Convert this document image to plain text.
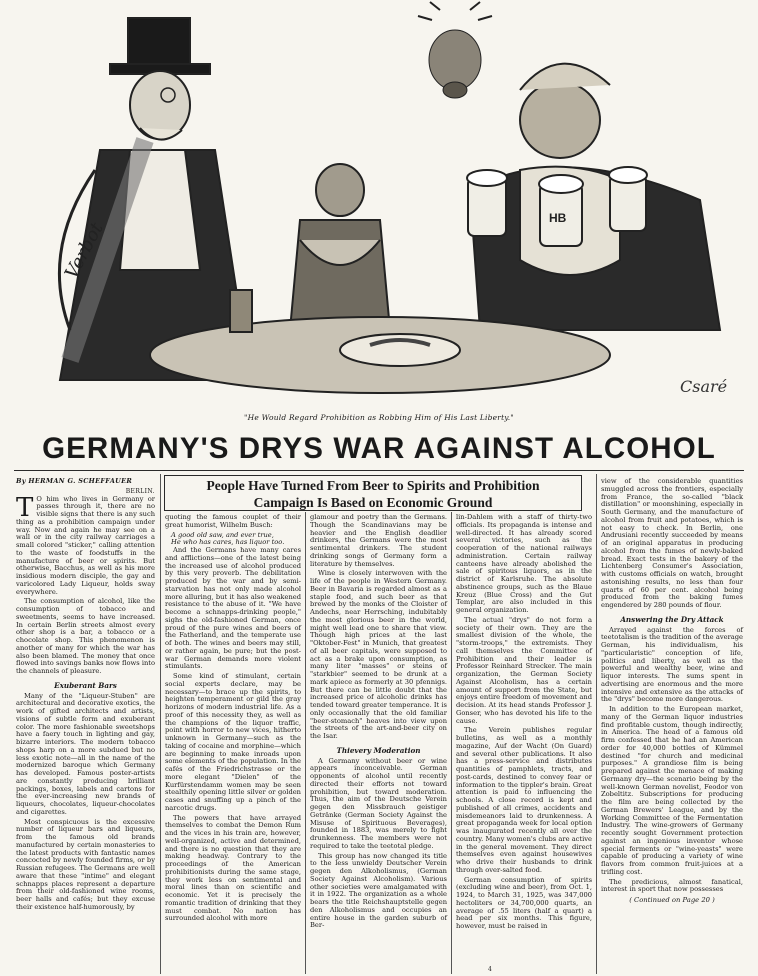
Verbot
HB
Csaré
"He Would Regard Prohibition as Robbing Him of His Last Liberty."
GERMANY'S DRYS WAR AGAINST ALCOHOL
People Have Turned From Beer to Spirits and Prohibition
Campaign Is Based on Economic Ground
By HERMAN G. SCHEFFAUER
BERLIN.

T O him who lives in Germany or passes through it, there are no visible signs that there is any such thing as a prohibition campaign under way. Now and again he may see on a wall or in the city railway carriages a small colored "sticker," calling attention to the waste of foodstuffs in the manufacture of beer or spirits. But otherwise, Bacchus, as well as his more insidious modern disciple, the gay and varicolored Lady Liqueur, holds sway everywhere.

The consumption of alcohol, like the consumption of tobacco and sweetments, seems to have increased. In certain Berlin streets almost every other shop is a bar, a tobacco or a chocolate shop. This phenomenon is another of many for which the war has also been blamed. The money that once flowed into savings banks now flows into the channels of pleasure.

Exuberant Bars

Many of the "Liqueur-Stuben" are architectural and decorative exotics, the work of gifted architects and artists, visions of subtle form and exuberant color. The more fashionable sweetshops have a faery touch in lighting and gay, bizarre interiors. The modern tobacco shops harp on a more subdued but no less exotic note—all in the name of the modernized baroque which Germany has developed. Famous poster-artists are constantly producing brilliant packings, boxes, labels and cartons for the ever-increasing new brands of liqueurs, chocolates, liqueur-chocolates and cigarettes.

Most conspicuous is the excessive number of liqueur bars and liqueurs, from the famous old brands manufactured by certain monasteries to the latest products with fantastic names concocted by newly founded firms, or by Russian refugees. The Germans are well aware that these "intime" and elegant schnapps places represent a departure from their old-fashioned wine rooms, beer halls and cafés; but they excuse their existence half-humorously, by

quoting the famous couplet of their great humorist, Wilhelm Busch:

A good old saw, and ever true,

He who has cares, has liquor too.

And the Germans have many cares and afflictions—one of the latest being the increased use of alcohol produced by this very proverb. The debilitation produced by the war and by semi-starvation has not only made alcohol more alluring, but it has also weakened resistance to the abuse of it. "We have become a schnapps-drinking people," sighs the old-fashioned German, once proud of the pure wines and beers of the Fatherland, and the temperate use of both. The wines and beers may still, or rather again, be pure; but the post-war German demands more violent stimulants.

Some kind of stimulant, certain social experts declare, may be necessary—to brace up the spirits, to heighten temperament or gild the gray horizons of modern industrial life. As a proof of this necessity they, as well as the champions of the liquor traffic, point with horror to new vices, hitherto unknown in Germany—such as the taking of cocaine and morphine—which are beginning to make inroads upon some elements of the population. In the cafés of the Friedrichstrasse or the more elegant "Dielen" of the Kurfürstendamm women may be seen stealthily opening little silver or golden cases and snuffing up a pinch of the narcotic drugs.

The powers that have arrayed themselves to combat the Demon Rum and the vices in his train are, however, well-organized, active and determined, and there is no question that they are making headway. Contrary to the proceedings of the American prohibitionists during the same stage, they work less on sentimental and moral lines than on scientific and economic. Yet it is precisely the romantic tradition of drinking that they must combat. No nation has surrounded alcohol with more

glamour and poetry than the Germans. Though the Scandinavians may be heavier and the English deadlier drinkers, the Germans were the most sentimental drinkers. The student drinking songs of Germany form a literature by themselves.

Wine is closely interwoven with the life of the people in Western Germany. Beer in Bavaria is regarded almost as a staple food, and such beer as that brewed by the monks of the Cloister of Andechs, near Herrsching, indubitably the most glorious beer in the world, might well lead one to share that view. Though high prices at the last "Oktober-Fest" in Munich, that greatest of all beer capitals, were supposed to act as a brake upon consumption, as many liter "masses" or steins of "starkbier" seemed to be drunk at a mark apiece as formerly at 30 pfennigs. But there can be little doubt that the increased price of alcoholic drinks has tended toward greater temperance. It is only occasionally that the old familiar "beer-stomach" heaves into view upon the streets of the art-and-beer city on the Isar.

Thievery Moderation

A Germany without beer or wine appears inconceivable. German opponents of alcohol until recently directed their efforts not toward prohibition, but toward moderation. Thus, the aim of the Deutsche Verein gegen den Missbrauch geistiger Getränke (German Society Against the Misuse of Spirituous Beverages), founded in 1883, was merely to fight drunkenness. The members were not required to take the teetotal pledge.

This group has now changed its title to the less unwieldy Deutscher Verein gegen den Alkoholismus, (German Society Against Alcoholism). Various other societies were amalgamated with it in 1922. The organization as a whole bears the title Reichshauptstelle gegen den Alkoholismus and occupies an entire house in the garden suburb of Ber-

lin-Dahlem with a staff of thirty-two officials. Its propaganda is intense and well-directed. It has already scored several victories, such as the cooperation of the national railways administration. Certain railway canteens have already abolished the sale of spiritous liquors, as in the district of Karlsruhe. The absolute abstinence groups, such as the Blaue Kreuz (Blue Cross) and the Gut Templar, are also included in this general organization.

The actual "drys" do not form a society of their own. They are the smallest division of the whole, the "storm-troops," the extremists. They call themselves the Committee of Prohibition and their leader is Professor Reinhard Strecker. The main organization, the German Society Against Alcoholism, has a certain amount of support from the State, but enjoys entire freedom of movement and decision. At its head stands Professor J. Gonser, who has devoted his life to the cause.

The Verein publishes regular bulletins, as well as a monthly magazine, Auf der Wacht (On Guard) and several other publications. It also has a press-service and distributes quantities of pamphlets, tracts, and post-cards, destined to convey fear or information to the tippler's brain. Great attention is paid to influencing the schools. A close record is kept and published of all crimes, accidents and misdemeanors laid to drunkenness. A great propaganda week for local option was inaugurated recently all over the country. Many women's clubs are active in the general movement. They direct themselves even against housewives who drive their husbands to drink through over-salted food.

German consumption of spirits (excluding wine and beer), from Oct. 1, 1924, to March 31, 1925, was 347,000 hectoliters or 34,700,000 quarts, an average of .55 liters (half a quart) a head per six months. This figure, however, must be raised in

view of the considerable quantities smuggled across the frontiers, especially from France, the so-called "black distillation" or moonshining, especially in South Germany, and the manufacture of alcohol from fruit and potatoes, which is not easy to check. In Berlin, one Andrusiani recently succeeded by means of an original apparatus in producing alcohol from the fumes of newly-baked bread. Exact tests in the bakery of the Lichtenberg Consumer's Association, with customs officials on watch, brought astonishing results, no less than four quarts of 60 per cent. alcohol being produced from the baking fumes engendered by 280 pounds of flour.

Answering the Dry Attack

Arrayed against the forces of teetotalism is the tradition of the average German, his individualism, his "particularistic" conception of life, politics and liberty, as well as the powerful and wealthy beer, wine and liquor interests. The sums spent in advertising are enormous and the more intensive and extensive as the attacks of the "drys" become more dangerous.

In addition to the European market, many of the German liquor industries find profitable custom, though indirectly, in America. The head of a famous old firm confessed that he had an American order for 40,000 bottles of Kümmel destined "for church and medicinal purposes." A grandiose film is being prepared against the menace of making Germany dry—the scenario being by the well-known German novelist, Feodor von Zobeltitz. Subscriptions for producing the film are being collected by the German Brewers' League, and by the Working Committee of the Fermentation Industry. The wine-growers of Germany recently sought Government protection against an ingenious inventor whose special ferments or "wine-yeasts" were capable of producing a variety of wine flavors from common fruit-juices at a trifling cost.

The predicious, almost fanatical, interest in sport that now possesses

( Continued on Page 20 )
4
